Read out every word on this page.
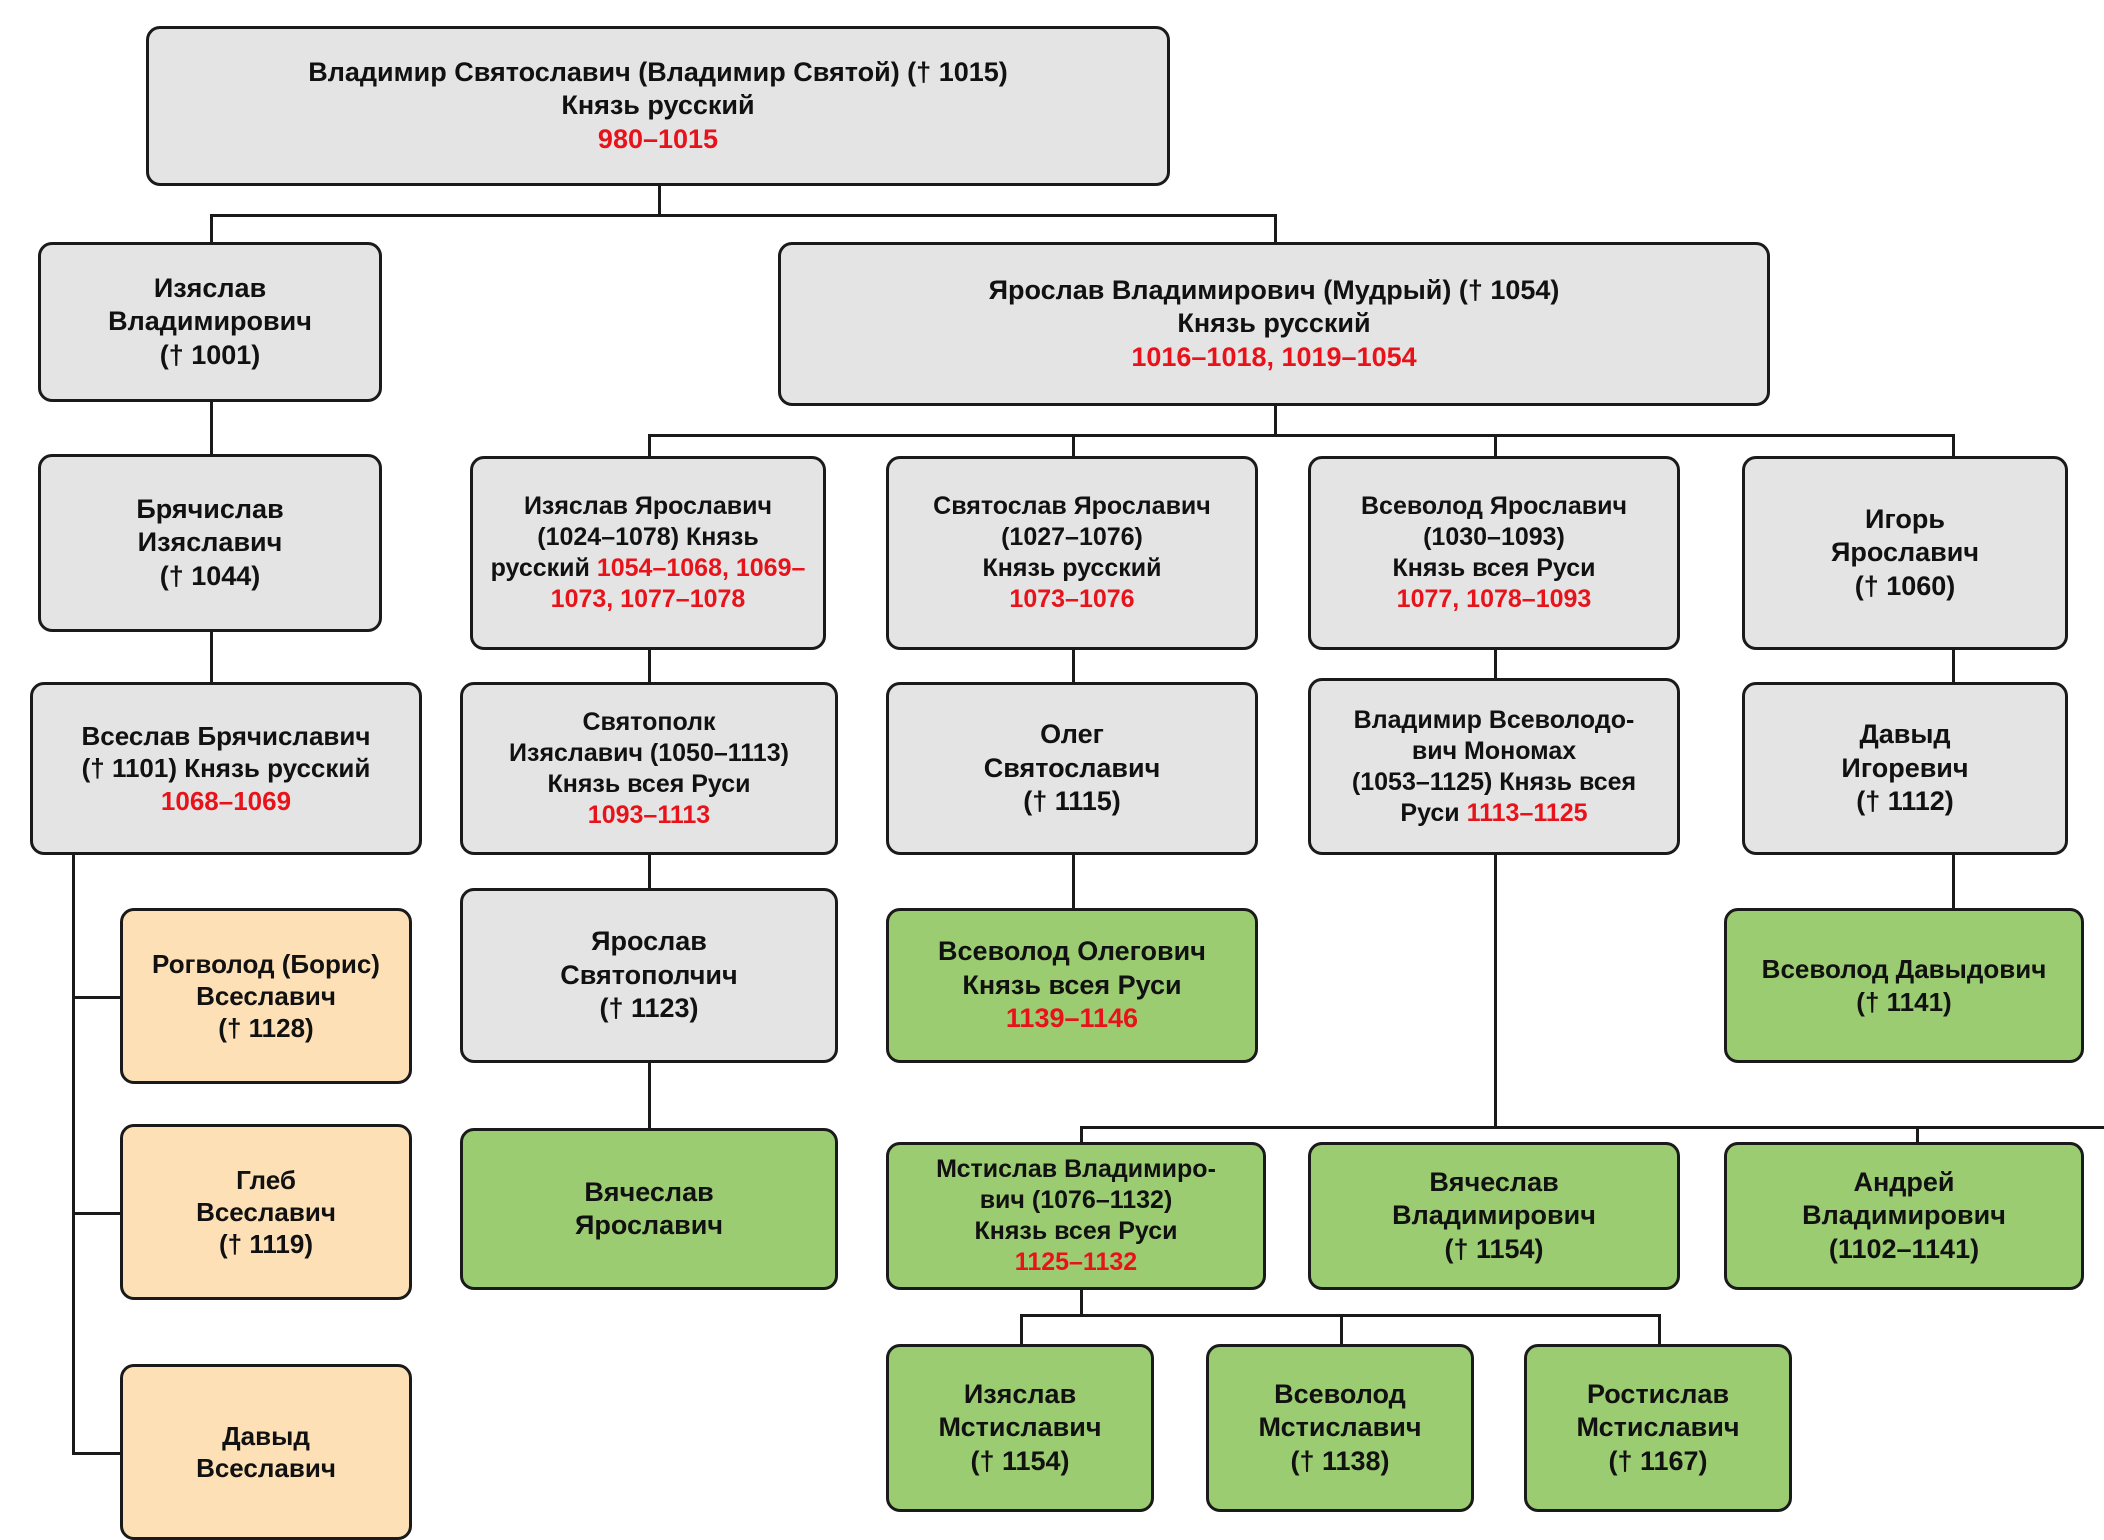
Владимир Святославич (Владимир Святой) († 1015)
Князь русский
980–1015
Изяслав
Владимирович
(† 1001)
Ярослав Владимирович (Мудрый) († 1054)
Князь русский
1016–1018, 1019–1054
Брячислав
Изяславич
(† 1044)
Изяслав Ярославич
(1024–1078) Князь
русский 1054–1068, 1069–1073, 1077–1078
Святослав Ярославич
(1027–1076)
Князь русский
1073–1076
Всеволод Ярославич
(1030–1093)
Князь всея Руси
1077, 1078–1093
Игорь
Ярославич
(† 1060)
Всеслав Брячиславич
(† 1101) Князь русский
1068–1069
Святополк
Изяславич (1050–1113)
Князь всея Руси
1093–1113
Олег
Святославич
(† 1115)
Владимир Всеволодо-
вич Мономах
(1053–1125) Князь всея
Руси 1113–1125
Давыд
Игоревич
(† 1112)
Рогволод (Борис)
Всеславич
(† 1128)
Глеб
Всеславич
(† 1119)
Давыд
Всеславич
Ярослав
Святополчич
(† 1123)
Всеволод Олегович
Князь всея Руси
1139–1146
Всеволод Давыдович
(† 1141)
Вячеслав
Ярославич
Мстислав Владимиро-
вич (1076–1132)
Князь всея Руси
1125–1132
Вячеслав
Владимирович
(† 1154)
Андрей
Владимирович
(1102–1141)
Изяслав
Мстиславич
(† 1154)
Всеволод
Мстиславич
(† 1138)
Ростислав
Мстиславич
(† 1167)
